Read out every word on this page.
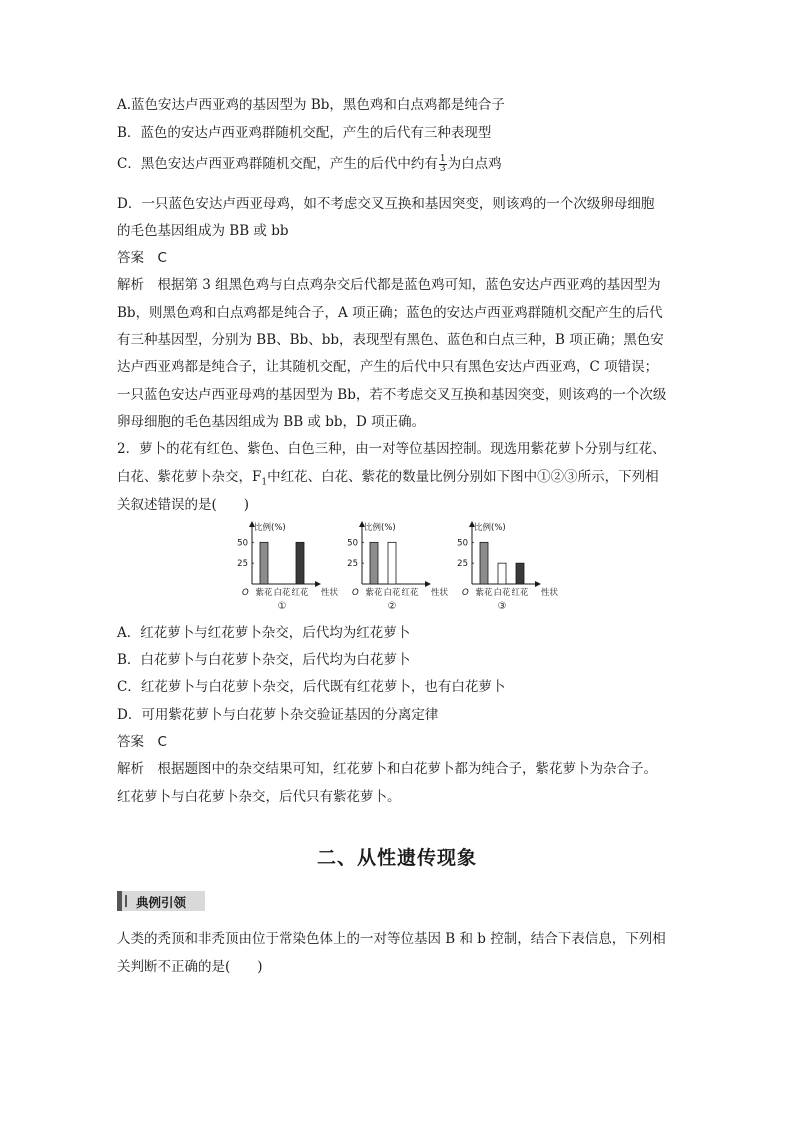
A.蓝色安达卢西亚鸡的基因型为 Bb，黑色鸡和白点鸡都是纯合子
B．蓝色的安达卢西亚鸡群随机交配，产生的后代有三种表现型
C．黑色安达卢西亚鸡群随机交配，产生的后代中约有 $\frac{1}{3}$ 为白点鸡
D．一只蓝色安达卢西亚母鸡，如不考虑交叉互换和基因突变，则该鸡的一个次级卵母细胞
的毛色基因组成为 BB 或 bb
答案　 C
解析　 根据第 3 组黑色鸡与白点鸡杂交后代都是蓝色鸡可知，蓝色安达卢西亚鸡的基因型为
Bb，则黑色鸡和白点鸡都是纯合子，A 项正确；蓝色的安达卢西亚鸡群随机交配产生的后代
有三种基因型，分别为 BB、Bb、bb，表现型有黑色、蓝色和白点三种，B 项正确；黑色安
达卢西亚鸡都是纯合子，让其随机交配，产生的后代中只有黑色安达卢西亚鸡，C 项错误；
一只蓝色安达卢西亚母鸡的基因型为 Bb，若不考虑交叉互换和基因突变，则该鸡的一个次级
卵母细胞的毛色基因组成为 BB 或 bb，D 项正确。
2．萝卜的花有红色、紫色、白色三种，由一对等位基因控制。现选用紫花萝卜分别与红花、
白花、紫花萝卜杂交，$F_1$中红花、白花、紫花的数量比例分别如下图中①②③所示，下列相
关叙述错误的是(　　)
比例(%)
O	性状
25
50
紫花 白花 红花
①
比例(%)
O	性状
25
50
紫花 白花 红花
②
比例(%)
O	性状
25
50
紫花 白花 红花
③
A．红花萝卜与红花萝卜杂交，后代均为红花萝卜
B．白花萝卜与白花萝卜杂交，后代均为白花萝卜
C．红花萝卜与白花萝卜杂交，后代既有红花萝卜，也有白花萝卜
D．可用紫花萝卜与白花萝卜杂交验证基因的分离定律
答案　 C
解析　 根据题图中的杂交结果可知，红花萝卜和白花萝卜都为纯合子，紫花萝卜为杂合子。
红花萝卜与白花萝卜杂交，后代只有紫花萝卜。
二、从性遗传现象
典例引领
人类的秃顶和非秃顶由位于常染色体上的一对等位基因 B 和 b 控制，结合下表信息，下列相
关判断不正确的是(　　)
